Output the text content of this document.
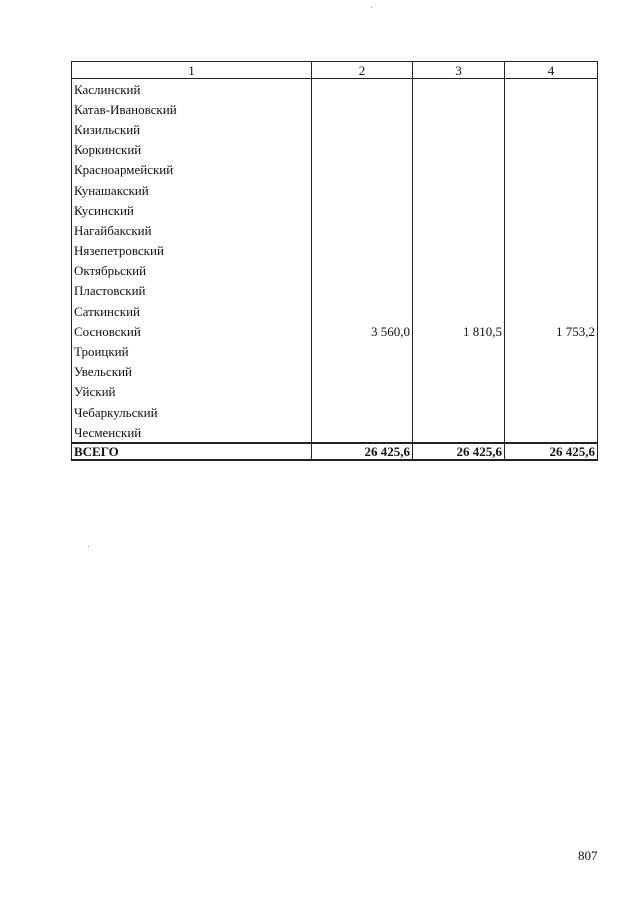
1	2	3	4
Каслинский			
Катав-Ивановский			
Кизильский			
Коркинский			
Красноармейский			
Кунашакский			
Кусинский			
Нагайбакский			
Нязепетровский			
Октябрьский			
Пластовский			
Саткинский			
Сосновский	3 560,0	1 810,5	1 753,2
Троицкий			
Увельский			
Уйский			
Чебаркульский			
Чесменский			
ВСЕГО	26 425,6	26 425,6	26 425,6
807
